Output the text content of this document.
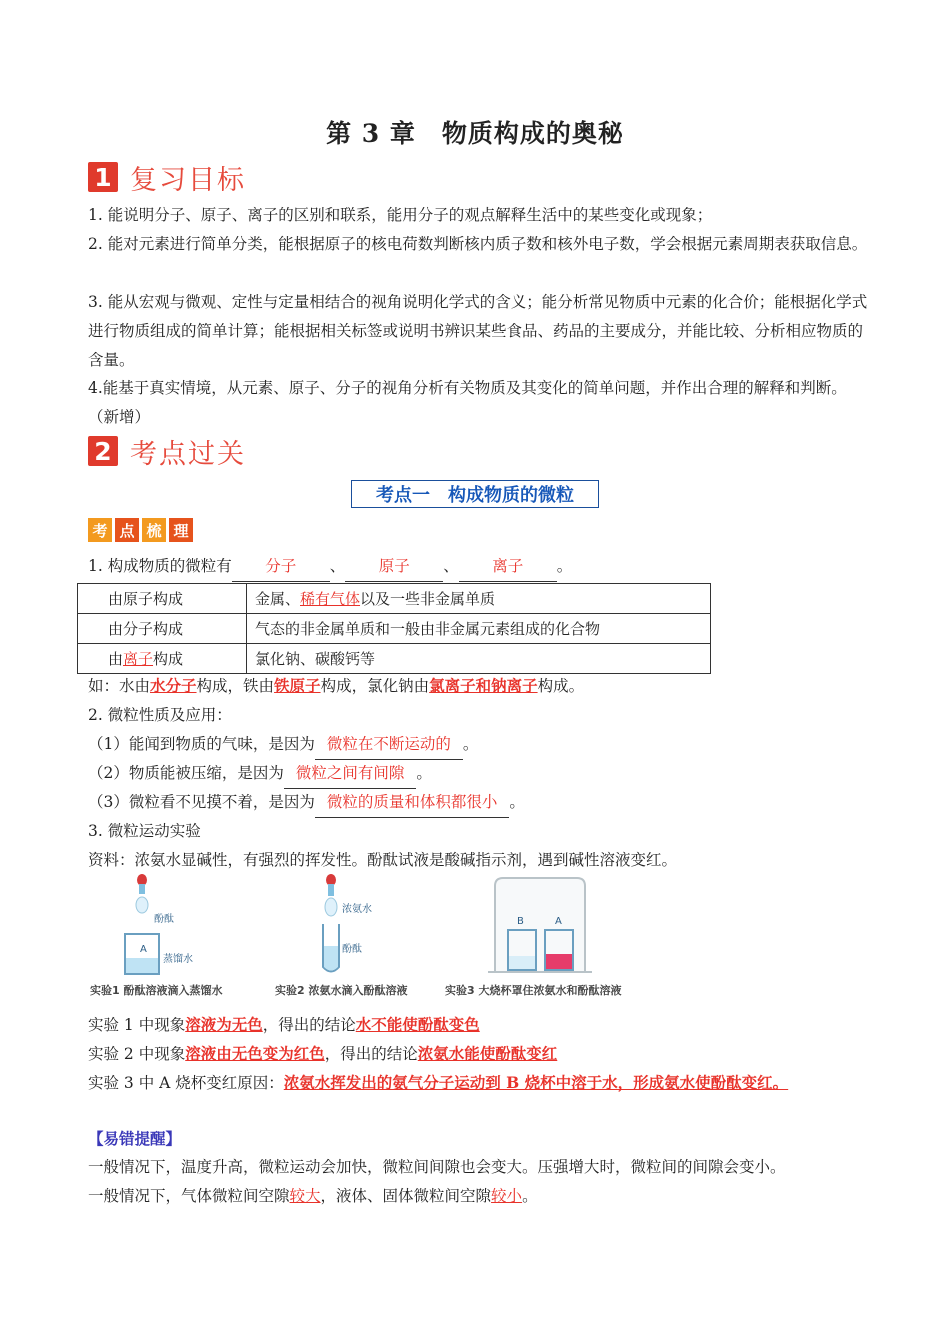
第 3 章　物质构成的奥秘
1 复习目标
1. 能说明分子、原子、离子的区别和联系，能用分子的观点解释生活中的某些变化或现象；
2. 能对元素进行简单分类，能根据原子的核电荷数判断核内质子数和核外电子数，学会根据元素周期表获取信息。
3. 能从宏观与微观、定性与定量相结合的视角说明化学式的含义；能分析常见物质中元素的化合价；能根据化学式进行物质组成的简单计算；能根据相关标签或说明书辨识某些食品、药品的主要成分，并能比较、分析相应物质的含量。
4.能基于真实情境，从元素、原子、分子的视角分析有关物质及其变化的简单问题，并作出合理的解释和判断。（新增）
2 考点过关
考点一　构成物质的微粒
考 点 梳 理
1. 构成物质的微粒有 分子 、 原子 、 离子 。
由原子构成	金属、稀有气体以及一些非金属单质
由分子构成	气态的非金属单质和一般由非金属元素组成的化合物
由离子构成	氯化钠、碳酸钙等
如：水由水分子构成，铁由铁原子构成，氯化钠由氯离子和钠离子构成。
2. 微粒性质及应用：
（1）能闻到物质的气味，是因为 微粒在不断运动的 。
（2）物质能被压缩，是因为 微粒之间有间隙 。
（3）微粒看不见摸不着，是因为 微粒的质量和体积都很小 。
3. 微粒运动实验
资料：浓氨水显碱性，有强烈的挥发性。酚酞试液是酸碱指示剂，遇到碱性溶液变红。
酚酞
A
蒸馏水
实验1 酚酞溶液滴入蒸馏水
浓氨水
酚酞
实验2 浓氨水滴入酚酞溶液
B	A
实验3 大烧杯罩住浓氨水和酚酞溶液
实验 1 中现象溶液为无色，得出的结论水不能使酚酞变色
实验 2 中现象溶液由无色变为红色，得出的结论浓氨水能使酚酞变红
实验 3 中 A 烧杯变红原因：浓氨水挥发出的氨气分子运动到 B 烧杯中溶于水，形成氨水使酚酞变红。
【易错提醒】
一般情况下，温度升高，微粒运动会加快，微粒间间隙也会变大。压强增大时，微粒间的间隙会变小。
一般情况下，气体微粒间空隙较大，液体、固体微粒间空隙较小。
